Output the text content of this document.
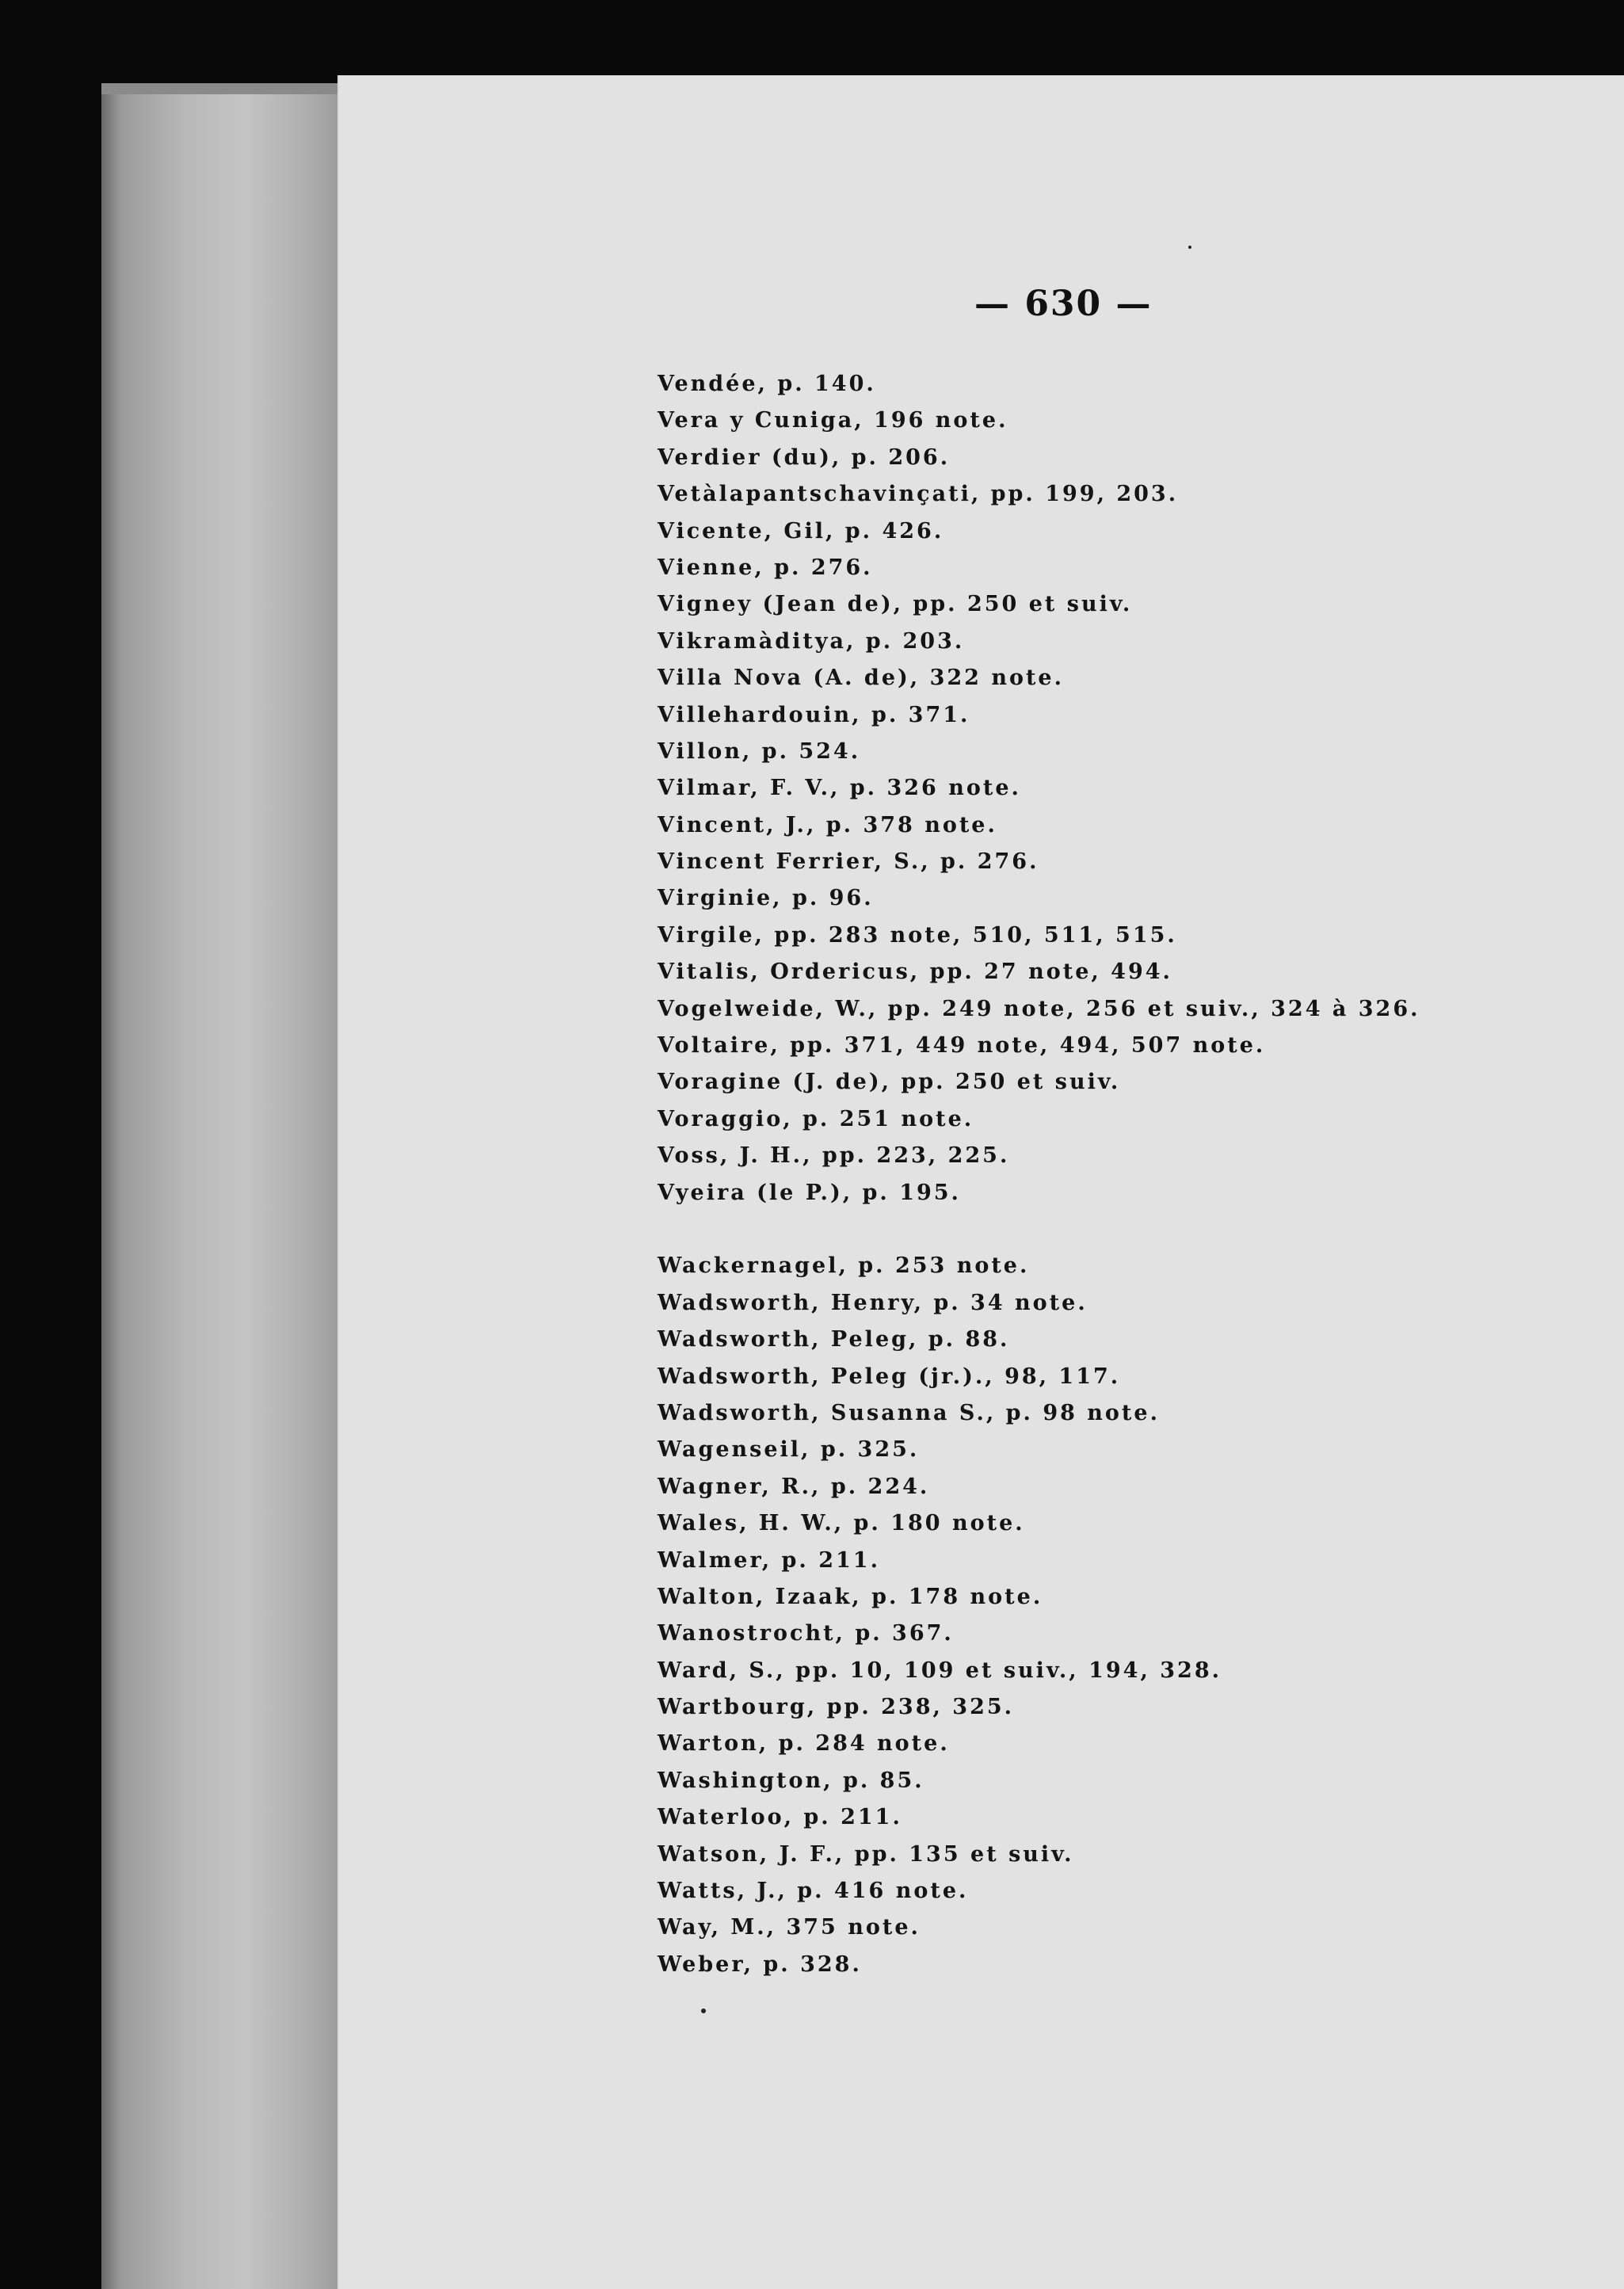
— 630 —
Vendée, p. 140.
Vera y Cuniga, 196 note.
Verdier (du), p. 206.
Vetàlapantschavinçati, pp. 199, 203.
Vicente, Gil, p. 426.
Vienne, p. 276.
Vigney (Jean de), pp. 250 et suiv.
Vikramàditya, p. 203.
Villa Nova (A. de), 322 note.
Villehardouin, p. 371.
Villon, p. 524.
Vilmar, F. V., p. 326 note.
Vincent, J., p. 378 note.
Vincent Ferrier, S., p. 276.
Virginie, p. 96.
Virgile, pp. 283 note, 510, 511, 515.
Vitalis, Ordericus, pp. 27 note, 494.
Vogelweide, W., pp. 249 note, 256 et suiv., 324 à 326.
Voltaire, pp. 371, 449 note, 494, 507 note.
Voragine (J. de), pp. 250 et suiv.
Voraggio, p. 251 note.
Voss, J. H., pp. 223, 225.
Vyeira (le P.), p. 195.
Wackernagel, p. 253 note.
Wadsworth, Henry, p. 34 note.
Wadsworth, Peleg, p. 88.
Wadsworth, Peleg (jr.)., 98, 117.
Wadsworth, Susanna S., p. 98 note.
Wagenseil, p. 325.
Wagner, R., p. 224.
Wales, H. W., p. 180 note.
Walmer, p. 211.
Walton, Izaak, p. 178 note.
Wanostrocht, p. 367.
Ward, S., pp. 10, 109 et suiv., 194, 328.
Wartbourg, pp. 238, 325.
Warton, p. 284 note.
Washington, p. 85.
Waterloo, p. 211.
Watson, J. F., pp. 135 et suiv.
Watts, J., p. 416 note.
Way, M., 375 note.
Weber, p. 328.
